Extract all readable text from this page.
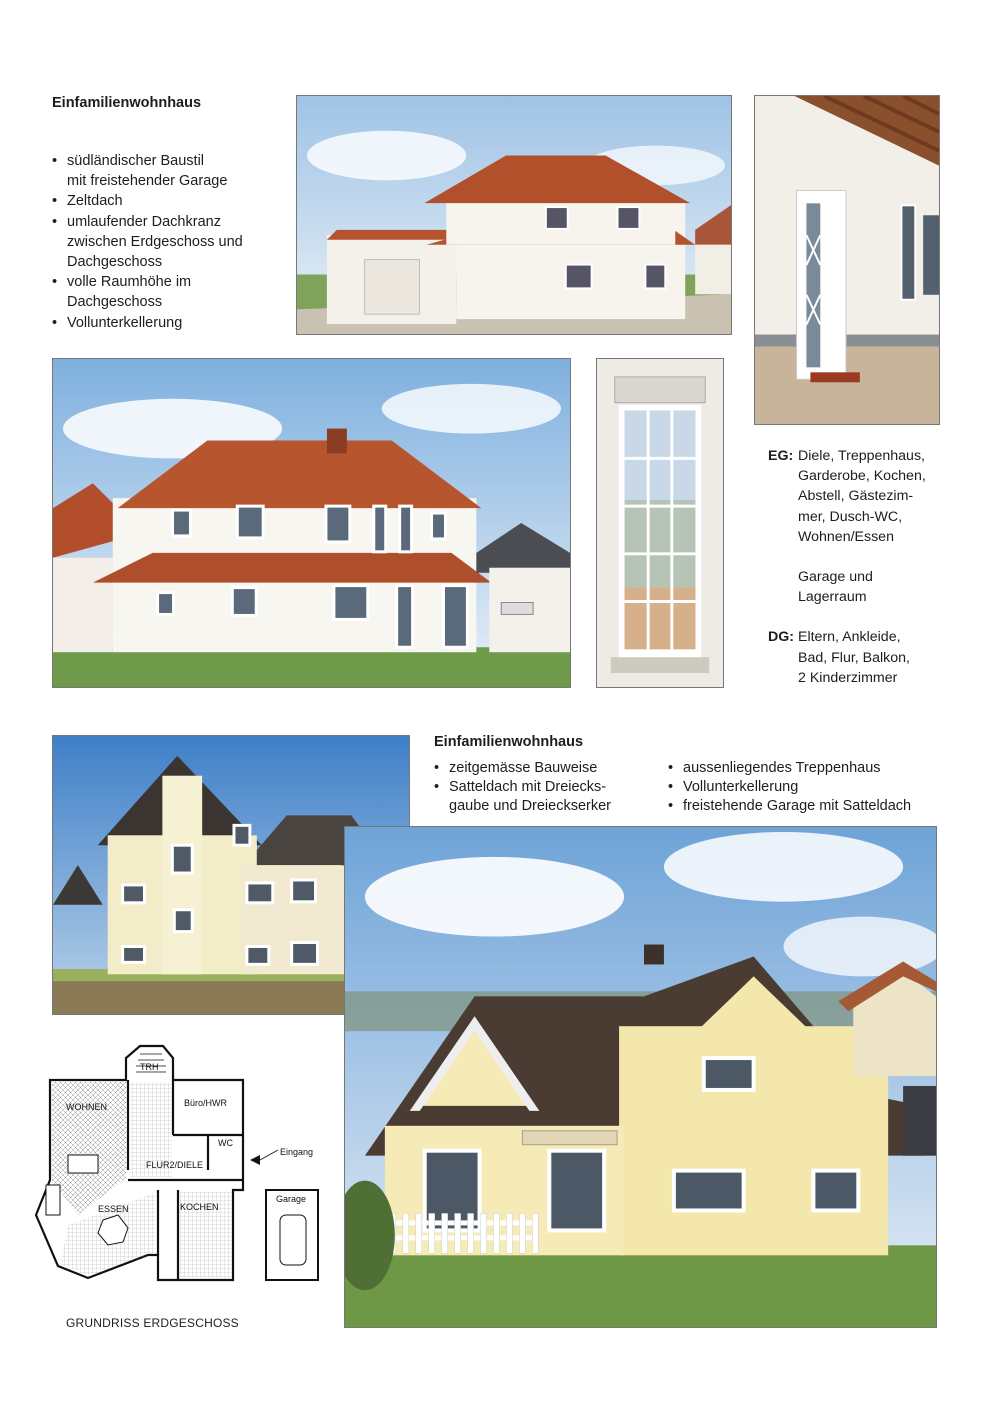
Einfamilienwohnhaus
• südländischer Baustil
mit freistehender Garage
• Zeltdach
• umlaufender Dachkranz
zwischen Erdgeschoss und
Dachgeschoss
• volle Raumhöhe im
Dachgeschoss
• Vollunterkellerung
EG: Diele, Treppenhaus,
Garderobe, Kochen,
Abstell, Gästezim-
mer, Dusch-WC,
Wohnen/Essen
Garage und
Lagerraum
DG: Eltern, Ankleide,
Bad, Flur, Balkon,
2 Kinderzimmer
Einfamilienwohnhaus
• zeitgemässe Bauweise
• Satteldach mit Dreiecks-
gaube und Dreieckserker
• aussenliegendes Treppenhaus
• Vollunterkellerung
• freistehende Garage mit Satteldach
TRH
WOHNEN	Büro/HWR
WC
FLUR2/DIELE
Eingang
Garage
ESSEN	KOCHEN
GRUNDRISS ERDGESCHOSS
